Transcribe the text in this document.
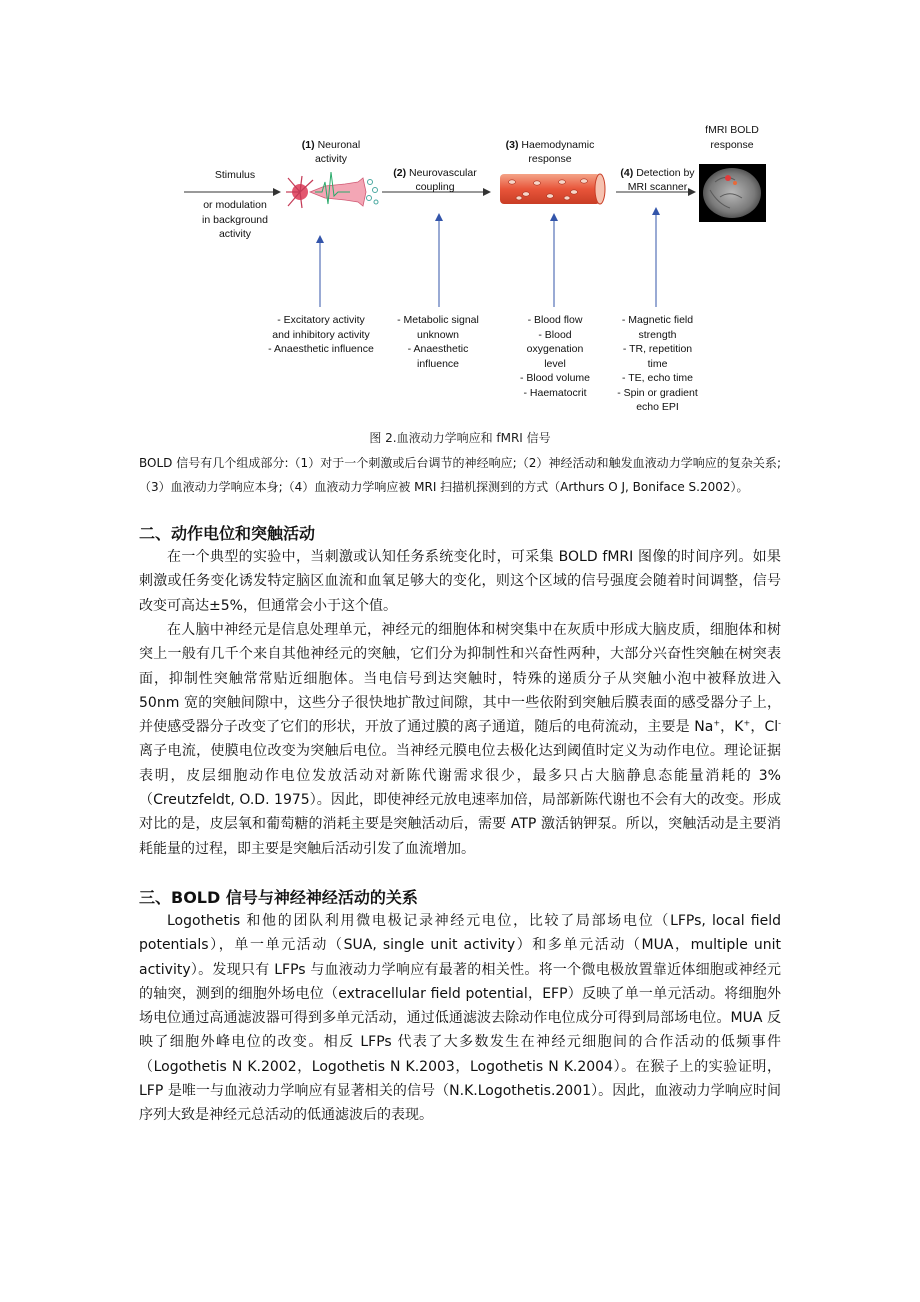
(1) Neuronal
activity

(2) Neurovascular
coupling

(3) Haemodynamic
response

(4) Detection by
MRI scanner

fMRI BOLD
response
Stimulus
or modulation
in background
activity
- Excitatory activity
and inhibitory activity
- Anaesthetic influence
- Metabolic signal
unknown
- Anaesthetic
influence
- Blood flow
- Blood
oxygenation
level
- Blood volume
- Haematocrit
- Magnetic field
strength
- TR, repetition
time
- TE, echo time
- Spin or gradient
echo EPI
图 2.血液动力学响应和 fMRI 信号
BOLD 信号有几个组成部分:（1）对于一个刺激或后台调节的神经响应;（2）神经活动和触发血液动力学响应的复杂关系;（3）血液动力学响应本身;（4）血液动力学响应被 MRI 扫描机探测到的方式（Arthurs O J, Boniface S.2002）。
二、动作电位和突触活动
在一个典型的实验中，当刺激或认知任务系统变化时，可采集 BOLD fMRI 图像的时间序列。如果刺激或任务变化诱发特定脑区血流和血氧足够大的变化，则这个区域的信号强度会随着时间调整，信号改变可高达±5%，但通常会小于这个值。
在人脑中神经元是信息处理单元，神经元的细胞体和树突集中在灰质中形成大脑皮质，细胞体和树突上一般有几千个来自其他神经元的突触，它们分为抑制性和兴奋性两种，大部分兴奋性突触在树突表面，抑制性突触常常贴近细胞体。当电信号到达突触时，特殊的递质分子从突触小泡中被释放进入 50nm 宽的突触间隙中，这些分子很快地扩散过间隙，其中一些依附到突触后膜表面的感受器分子上，并使感受器分子改变了它们的形状，开放了通过膜的离子通道，随后的电荷流动，主要是 Na+，K+，Cl-离子电流，使膜电位改变为突触后电位。当神经元膜电位去极化达到阈值时定义为动作电位。理论证据表明，皮层细胞动作电位发放活动对新陈代谢需求很少，最多只占大脑静息态能量消耗的 3% （Creutzfeldt, O.D. 1975）。因此，即使神经元放电速率加倍，局部新陈代谢也不会有大的改变。形成对比的是，皮层氧和葡萄糖的消耗主要是突触活动后，需要 ATP 激活钠钾泵。所以，突触活动是主要消耗能量的过程，即主要是突触后活动引发了血流增加。
三、BOLD 信号与神经神经活动的关系
Logothetis 和他的团队利用微电极记录神经元电位，比较了局部场电位（LFPs, local field potentials），单一单元活动（SUA, single unit activity）和多单元活动（MUA，multiple unit activity）。发现只有 LFPs 与血液动力学响应有最著的相关性。将一个微电极放置靠近体细胞或神经元的轴突，测到的细胞外场电位（extracellular field potential，EFP）反映了单一单元活动。将细胞外场电位通过高通滤波器可得到多单元活动，通过低通滤波去除动作电位成分可得到局部场电位。MUA 反映了细胞外峰电位的改变。相反 LFPs 代表了大多数发生在神经元细胞间的合作活动的低频事件（Logothetis N K.2002，Logothetis N K.2003，Logothetis N K.2004）。在猴子上的实验证明，LFP 是唯一与血液动力学响应有显著相关的信号（N.K.Logothetis.2001）。因此，血液动力学响应时间序列大致是神经元总活动的低通滤波后的表现。
